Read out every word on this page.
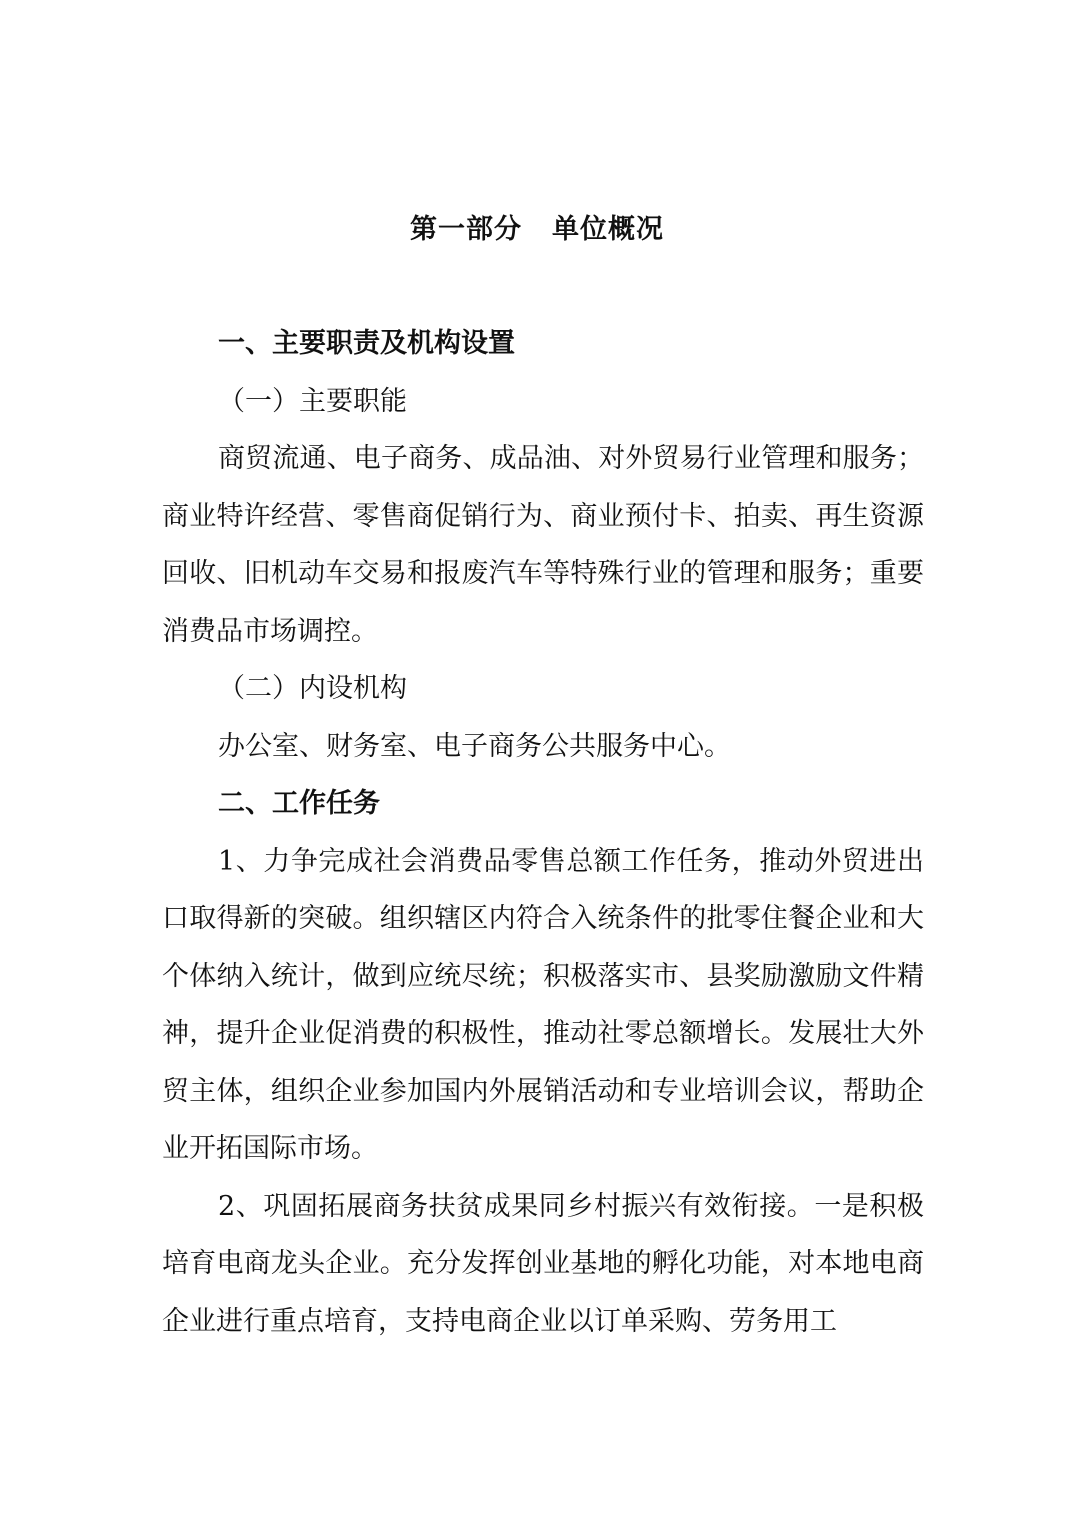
第一部分 单位概况

一、主要职责及机构设置

（一）主要职能

商贸流通、电子商务、成品油、对外贸易行业管理和服务；商业特许经营、零售商促销行为、商业预付卡、拍卖、再生资源回收、旧机动车交易和报废汽车等特殊行业的管理和服务；重要消费品市场调控。

（二）内设机构

办公室、财务室、电子商务公共服务中心。

二、工作任务

1、力争完成社会消费品零售总额工作任务，推动外贸进出口取得新的突破。组织辖区内符合入统条件的批零住餐企业和大个体纳入统计，做到应统尽统；积极落实市、县奖励激励文件精神，提升企业促消费的积极性，推动社零总额增长。发展壮大外贸主体，组织企业参加国内外展销活动和专业培训会议，帮助企业开拓国际市场。

2、巩固拓展商务扶贫成果同乡村振兴有效衔接。一是积极培育电商龙头企业。充分发挥创业基地的孵化功能，对本地电商企业进行重点培育，支持电商企业以订单采购、劳务用工
